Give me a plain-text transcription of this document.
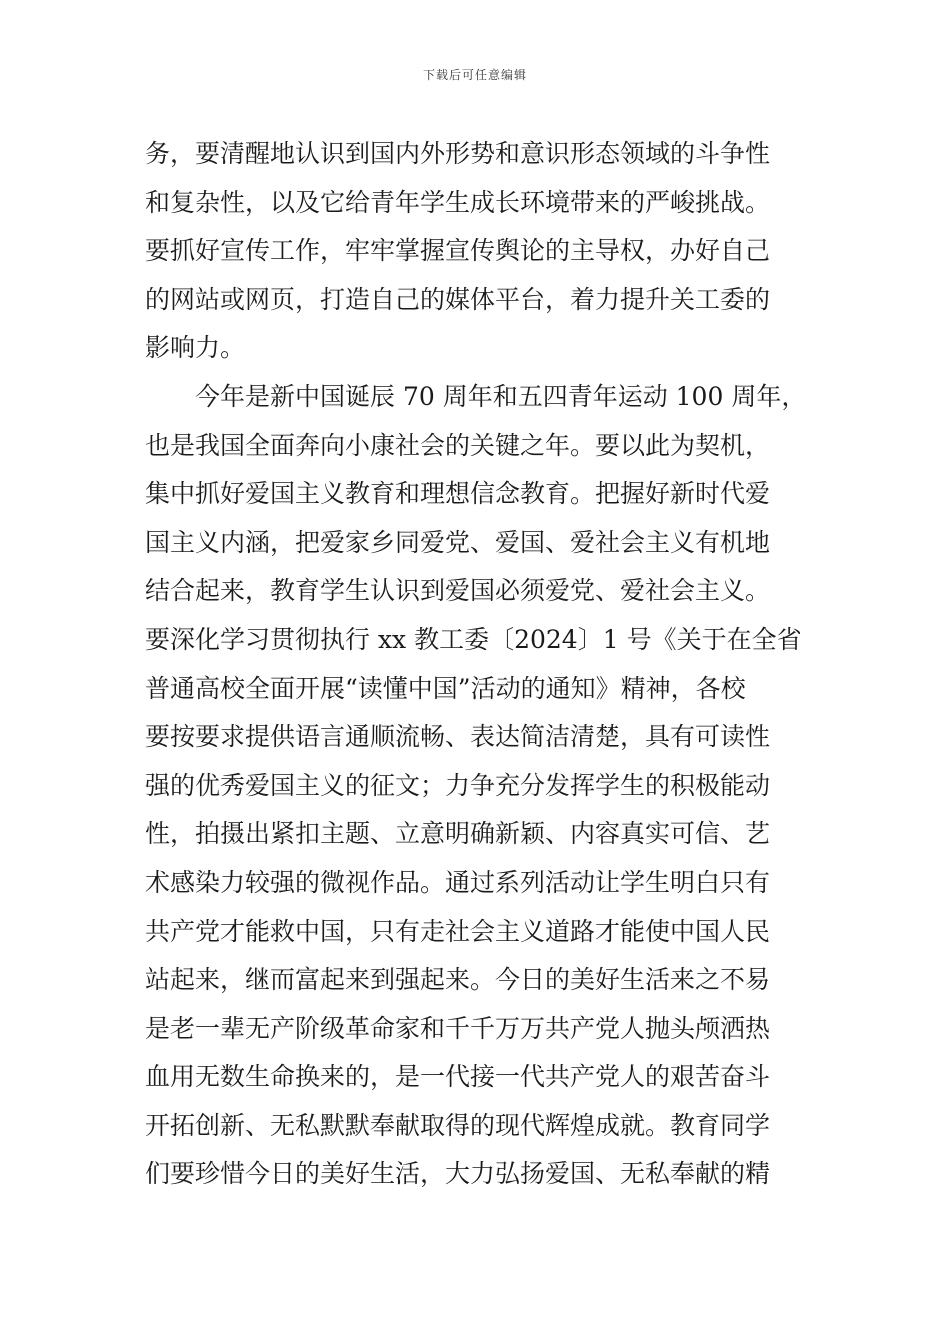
下载后可任意编辑
务，要清醒地认识到国内外形势和意识形态领域的斗争性
和复杂性，以及它给青年学生成长环境带来的严峻挑战。
要抓好宣传工作，牢牢掌握宣传舆论的主导权，办好自己
的网站或网页，打造自己的媒体平台，着力提升关工委的
影响力。
　　今年是新中国诞辰 70 周年和五四青年运动 100 周年，
也是我国全面奔向小康社会的关键之年。要以此为契机，
集中抓好爱国主义教育和理想信念教育。把握好新时代爱
国主义内涵，把爱家乡同爱党、爱国、爱社会主义有机地
结合起来，教育学生认识到爱国必须爱党、爱社会主义。
要深化学习贯彻执行 xx 教工委〔2024〕1 号《关于在全省
普通高校全面开展“读懂中国”活动的通知》精神，各校
要按要求提供语言通顺流畅、表达简洁清楚，具有可读性
强的优秀爱国主义的征文；力争充分发挥学生的积极能动
性，拍摄出紧扣主题、立意明确新颖、内容真实可信、艺
术感染力较强的微视作品。通过系列活动让学生明白只有
共产党才能救中国，只有走社会主义道路才能使中国人民
站起来，继而富起来到强起来。今日的美好生活来之不易
是老一辈无产阶级革命家和千千万万共产党人抛头颅洒热
血用无数生命换来的，是一代接一代共产党人的艰苦奋斗
开拓创新、无私默默奉献取得的现代辉煌成就。教育同学
们要珍惜今日的美好生活，大力弘扬爱国、无私奉献的精
